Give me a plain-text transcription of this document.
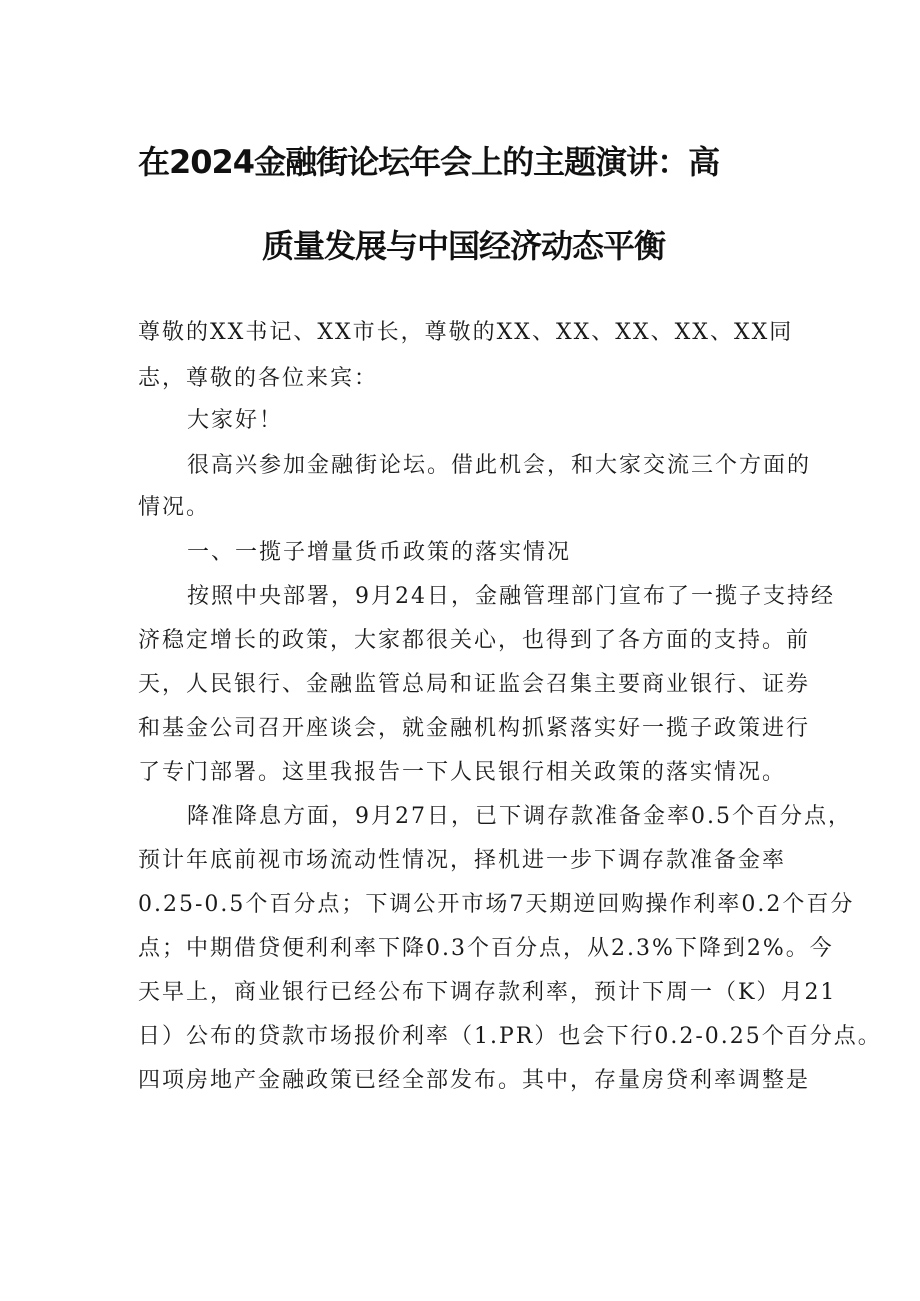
在2024金融街论坛年会上的主题演讲：高
质量发展与中国经济动态平衡
尊敬的XX书记、XX市长，尊敬的XX、XX、XX、XX、XX同
志，尊敬的各位来宾：
大家好！
很高兴参加金融街论坛。借此机会，和大家交流三个方面的
情况。
一、一揽子增量货币政策的落实情况
按照中央部署，9月24日，金融管理部门宣布了一揽子支持经
济稳定增长的政策，大家都很关心，也得到了各方面的支持。前
天，人民银行、金融监管总局和证监会召集主要商业银行、证券
和基金公司召开座谈会，就金融机构抓紧落实好一揽子政策进行
了专门部署。这里我报告一下人民银行相关政策的落实情况。
降准降息方面，9月27日，已下调存款准备金率0.5个百分点，
预计年底前视市场流动性情况，择机进一步下调存款准备金率
0.25-0.5个百分点；下调公开市场7天期逆回购操作利率0.2个百分
点；中期借贷便利利率下降0.3个百分点，从2.3%下降到2%。今
天早上，商业银行已经公布下调存款利率，预计下周一（K）月21
日）公布的贷款市场报价利率（1.PR）也会下行0.2-0.25个百分点。
四项房地产金融政策已经全部发布。其中，存量房贷利率调整是
